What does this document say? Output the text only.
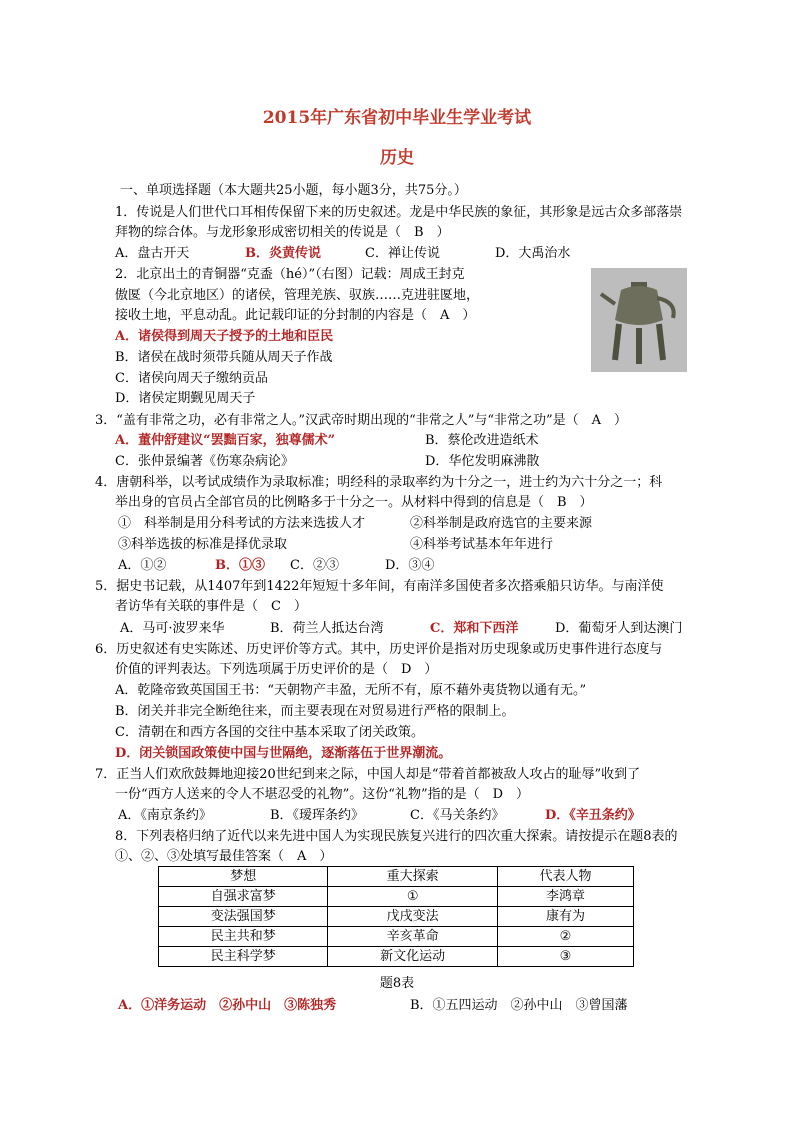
2015年广东省初中毕业生学业考试
历史
一、单项选择题（本大题共25小题，每小题3分，共75分。）
1．传说是人们世代口耳相传保留下来的历史叙述。龙是中华民族的象征，其形象是远古众多部落崇
拜物的综合体。与龙形象形成密切相关的传说是（　B　）
A．盘古开天	B．炎黄传说	C．禅让传说	D．大禹治水
2．北京出土的青铜器“克盉（hé）”（右图）记载：周成王封克
傲匽（今北京地区）的诸侯，管理羌族、驭族……克进驻匽地，
接收土地，平息动乱。此记载印证的分封制的内容是（　A　）
A．诸侯得到周天子授予的土地和臣民
B．诸侯在战时须带兵随从周天子作战
C．诸侯向周天子缴纳贡品
D．诸侯定期觐见周天子
3．“盖有非常之功，必有非常之人。”汉武帝时期出现的“非常之人”与“非常之功”是（　A　）
A．董仲舒建议“罢黜百家，独尊儒术”	B．蔡伦改进造纸术
C．张仲景编著《伤寒杂病论》	D．华佗发明麻沸散
4．唐朝科举，以考试成绩作为录取标准；明经科的录取率约为十分之一，进士约为六十分之一；科
举出身的官员占全部官员的比例略多于十分之一。从材料中得到的信息是（　B　）
①　科举制是用分科考试的方法来选拔人才	②科举制是政府选官的主要来源
③科举选拔的标准是择优录取	④科举考试基本年年进行
A．①②	B．①③ C．②③	D．③④
5．据史书记载，从1407年到1422年短短十多年间，有南洋多国使者多次搭乘船只访华。与南洋使
者访华有关联的事件是（　C　）
A．马可·波罗来华	B．荷兰人抵达台湾	C．郑和下西洋	D．葡萄牙人到达澳门
6．历史叙述有史实陈述、历史评价等方式。其中，历史评价是指对历史现象或历史事件进行态度与
价值的评判表达。下列选项属于历史评价的是（　D　）
A．乾隆帝致英国国王书：“天朝物产丰盈，无所不有，原不藉外夷货物以通有无。”
B．闭关并非完全断绝往来，而主要表现在对贸易进行严格的限制上。
C．清朝在和西方各国的交往中基本采取了闭关政策。
D．闭关锁国政策使中国与世隔绝，逐渐落伍于世界潮流。
7．正当人们欢欣鼓舞地迎接20世纪到来之际，中国人却是“带着首都被敌人攻占的耻辱”收到了
一份“西方人送来的令人不堪忍受的礼物”。这份“礼物”指的是（　D　）
A．《南京条约》	B．《瑷珲条约》	C．《马关条约》	D．《辛丑条约》
8．下列表格归纳了近代以来先进中国人为实现民族复兴进行的四次重大探索。请按提示在题8表的
①、②、③处填写最佳答案（　A　）
梦想	重大探索	代表人物
自强求富梦	①	李鸿章
变法强国梦	戊戌变法	康有为
民主共和梦	辛亥革命	②
民主科学梦	新文化运动	③
题8表
A．①洋务运动　②孙中山　③陈独秀	B．①五四运动　②孙中山　③曾国藩
